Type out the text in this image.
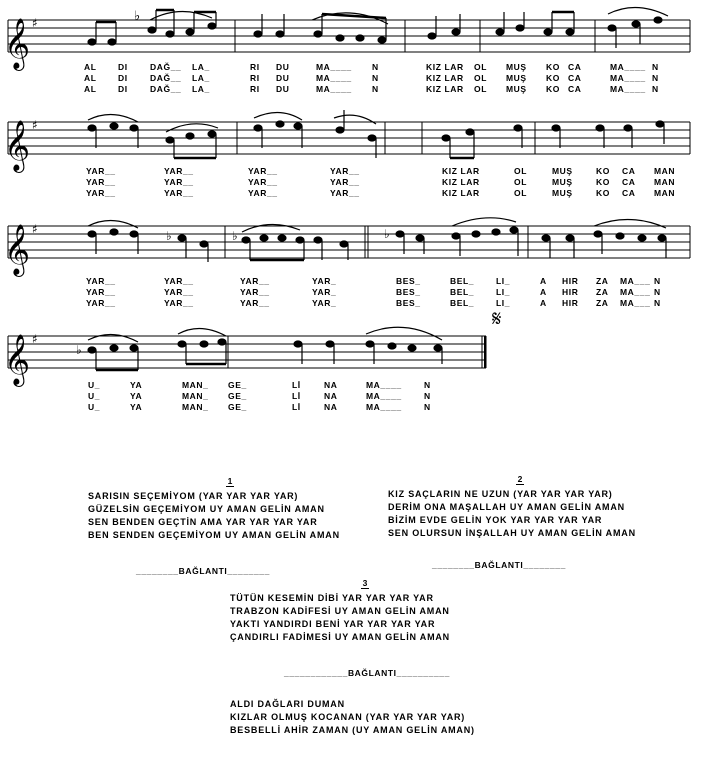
𝄞
𝄞
𝄞
𝄞
♯
♯
♯
♯
♭
♭	♭	♭
♭
𝄋
AL	DI	DAĞ__ LA_	RI DU	MA____ N	KIZ LAR OL MUŞ KO CA	MA____ N
AL	DI	DAĞ__ LA_	RI DU	MA____ N	KIZ LAR OL MUŞ KO CA	MA____ N
AL	DI	DAĞ__ LA_	RI DU	MA____ N	KIZ LAR OL MUŞ KO CA	MA____ N
YAR__	YAR__	YAR__	YAR__	KIZ LAR	OL	MUŞ	KO CA MAN
YAR__	YAR__	YAR__	YAR__	KIZ LAR	OL	MUŞ	KO CA MAN
YAR__	YAR__	YAR__	YAR__	KIZ LAR	OL	MUŞ	KO CA MAN
YAR__	YAR__	YAR__	YAR_	BES_	BEL_	LI_	A HIR ZA MA___ N
YAR__	YAR__	YAR__	YAR_	BES_	BEL_	LI_	A HIR ZA MA___ N
YAR__	YAR__	YAR__	YAR_	BES_	BEL_	LI_	A HIR ZA MA___ N
U_	YA	MAN_ GE_	Lİ	NA	MA____	N
U_	YA	MAN_ GE_	Lİ	NA	MA____	N
U_	YA	MAN_ GE_	Lİ	NA	MA____	N
1
SARISIN SEÇEMİYOM (YAR YAR YAR YAR)
GÜZELSİN GEÇEMİYOM UY AMAN GELİN AMAN
SEN BENDEN GEÇTİN AMA YAR YAR YAR YAR
BEN SENDEN GEÇEMİYOM UY AMAN GELİN AMAN
2
KIZ SAÇLARIN NE UZUN (YAR YAR YAR YAR)
DERİM ONA MAŞALLAH UY AMAN GELİN AMAN
BİZİM EVDE GELİN YOK YAR YAR YAR YAR
SEN OLURSUN İNŞALLAH UY AMAN GELİN AMAN
________BAĞLANTI________
________BAĞLANTI________
3
TÜTÜN KESEMİN DİBİ YAR YAR YAR YAR
TRABZON KADİFESİ UY AMAN GELİN AMAN
YAKTI YANDIRDI BENİ YAR YAR YAR YAR
ÇANDIRLI FADİMESİ UY AMAN GELİN AMAN
____________BAĞLANTI__________
ALDI DAĞLARI DUMAN
KIZLAR OLMUŞ KOCANAN (YAR YAR YAR YAR)
BESBELLİ AHİR ZAMAN (UY AMAN GELİN AMAN)
